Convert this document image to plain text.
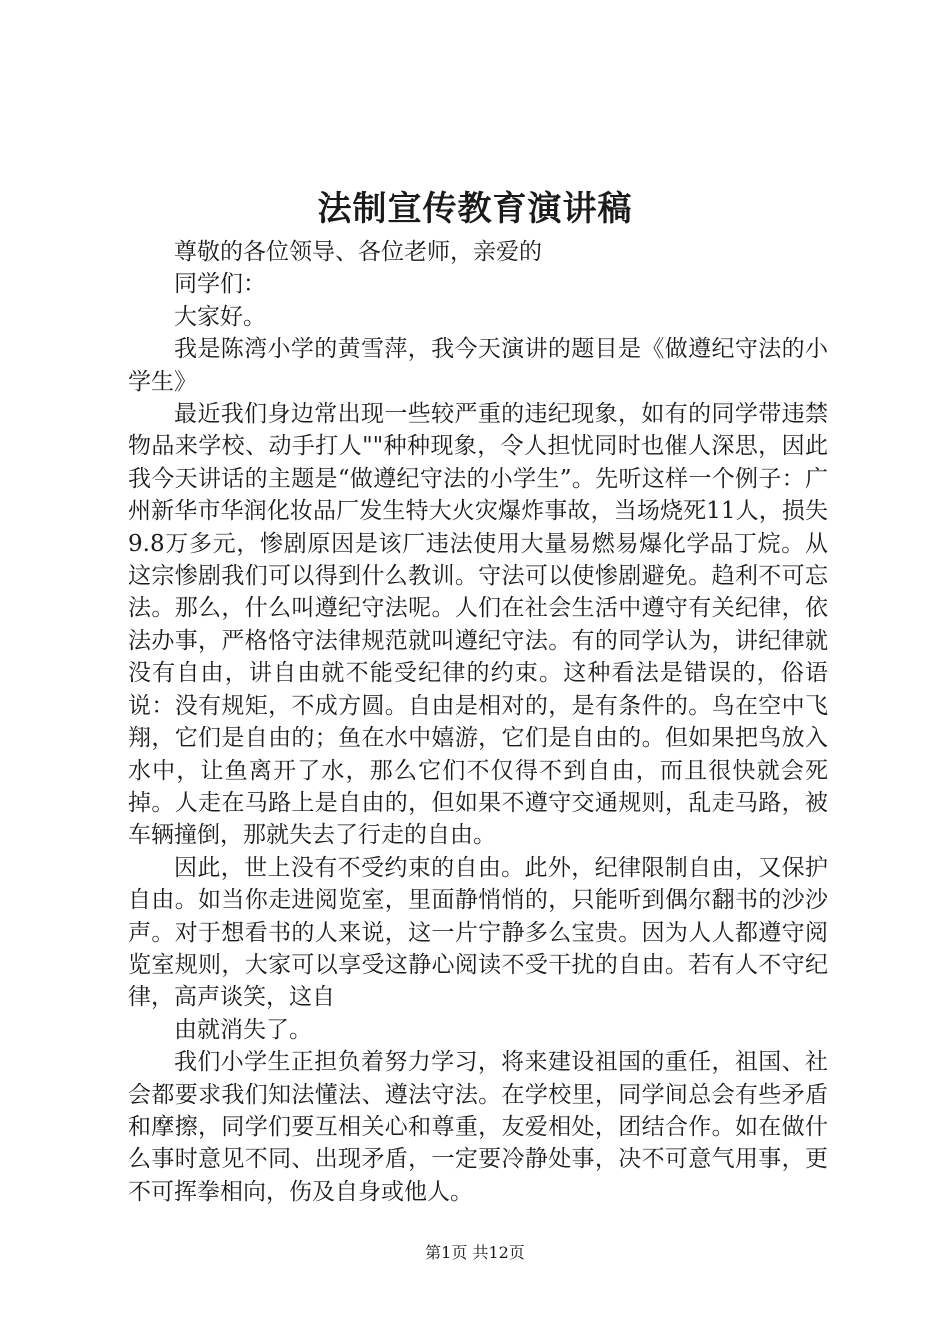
法制宣传教育演讲稿

尊敬的各位领导、各位老师，亲爱的

同学们：

大家好。

我是陈湾小学的黄雪萍，我今天演讲的题目是《做遵纪守法的小学生》

最近我们身边常出现一些较严重的违纪现象，如有的同学带违禁物品来学校、动手打人""种种现象，令人担忧同时也催人深思，因此我今天讲话的主题是“做遵纪守法的小学生”。先听这样一个例子：广州新华市华润化妆品厂发生特大火灾爆炸事故，当场烧死11人，损失9.8万多元，惨剧原因是该厂违法使用大量易燃易爆化学品丁烷。从这宗惨剧我们可以得到什么教训。守法可以使惨剧避免。趋利不可忘法。那么，什么叫遵纪守法呢。人们在社会生活中遵守有关纪律，依法办事，严格恪守法律规范就叫遵纪守法。有的同学认为，讲纪律就没有自由，讲自由就不能受纪律的约束。这种看法是错误的，俗语说：没有规矩，不成方圆。自由是相对的，是有条件的。鸟在空中飞翔，它们是自由的；鱼在水中嬉游，它们是自由的。但如果把鸟放入水中，让鱼离开了水，那么它们不仅得不到自由，而且很快就会死掉。人走在马路上是自由的，但如果不遵守交通规则，乱走马路，被车辆撞倒，那就失去了行走的自由。

因此，世上没有不受约束的自由。此外，纪律限制自由，又保护自由。如当你走进阅览室，里面静悄悄的，只能听到偶尔翻书的沙沙声。对于想看书的人来说，这一片宁静多么宝贵。因为人人都遵守阅览室规则，大家可以享受这静心阅读不受干扰的自由。若有人不守纪律，高声谈笑，这自

由就消失了。

我们小学生正担负着努力学习，将来建设祖国的重任，祖国、社会都要求我们知法懂法、遵法守法。在学校里，同学间总会有些矛盾和摩擦，同学们要互相关心和尊重，友爱相处，团结合作。如在做什么事时意见不同、出现矛盾，一定要冷静处事，决不可意气用事，更不可挥拳相向，伤及自身或他人。

第1页 共12页
